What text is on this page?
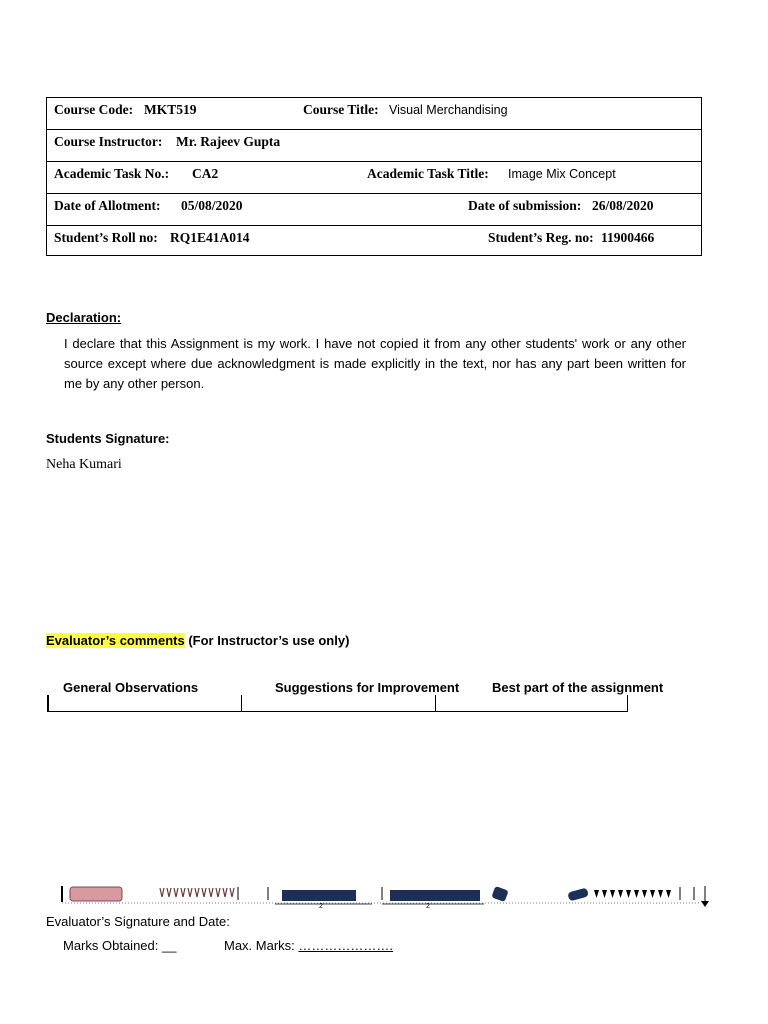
Course Code: MKT519	Course Title: Visual Merchandising
Course Instructor: Mr. Rajeev Gupta
Academic Task No.: CA2	Academic Task Title: Image Mix Concept
Date of Allotment: 05/08/2020	Date of submission: 26/08/2020
Student’s Roll no: RQ1E41A014	Student’s Reg. no: 11900466
Declaration:
I declare that this Assignment is my work. I have not copied it from any other students' work or any other source except where due acknowledgment is made explicitly in the text, nor has any part been written for me by any other person.
Students Signature:
Neha Kumari
Evaluator’s comments (For Instructor’s use only)
General Observations	Suggestions for Improvement	Best part of the assignment
2	2
Evaluator’s Signature and Date:
Marks Obtained: __	Max. Marks: ………………….
